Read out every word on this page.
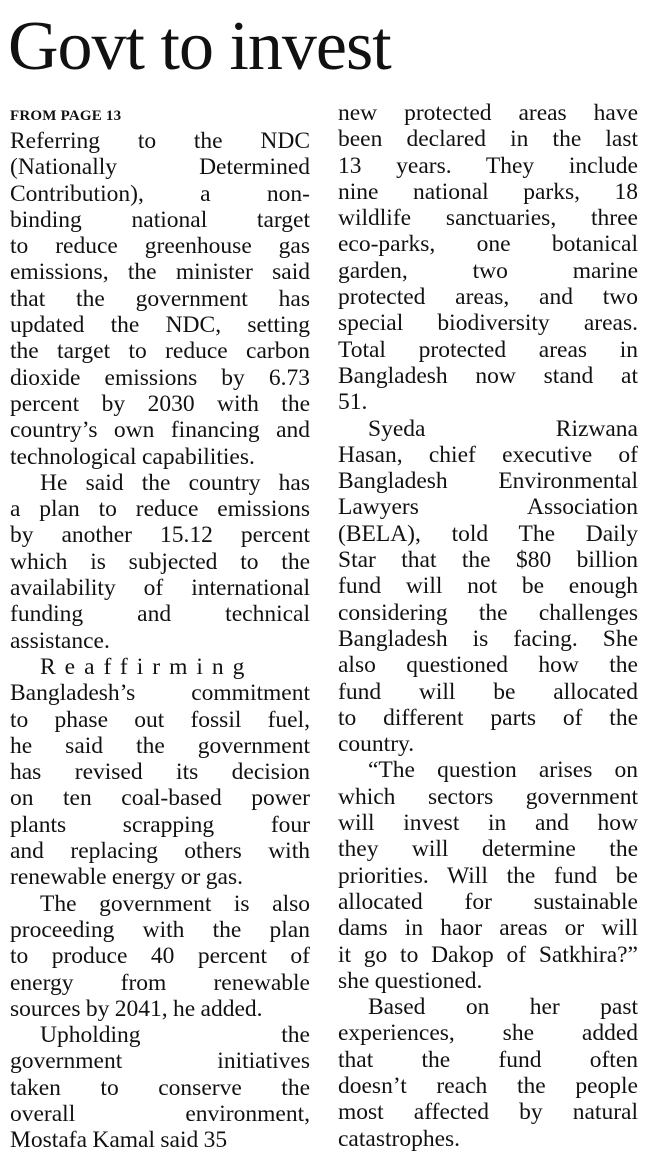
Govt to invest
FROM PAGE 13

Referring to the NDC
(Nationally Determined
Contribution), a non-
binding national target
to reduce greenhouse gas
emissions, the minister said
that the government has
updated the NDC, setting
the target to reduce carbon
dioxide emissions by 6.73
percent by 2030 with the
country’s own financing and
technological capabilities.

He said the country has
a plan to reduce emissions
by another 15.12 percent
which is subjected to the
availability of international
funding and technical
assistance.

Reaffirming
Bangladesh’s commitment
to phase out fossil fuel,
he said the government
has revised its decision
on ten coal-based power
plants scrapping four
and replacing others with
renewable energy or gas.

The government is also
proceeding with the plan
to produce 40 percent of
energy from renewable
sources by 2041, he added.

Upholding the
government initiatives
taken to conserve the
overall environment,
Mostafa Kamal said 35

new protected areas have
been declared in the last
13 years. They include
nine national parks, 18
wildlife sanctuaries, three
eco-parks, one botanical
garden, two marine
protected areas, and two
special biodiversity areas.
Total protected areas in
Bangladesh now stand at
51.

Syeda Rizwana
Hasan, chief executive of
Bangladesh Environmental
Lawyers Association
(BELA), told The Daily
Star that the $80 billion
fund will not be enough
considering the challenges
Bangladesh is facing. She
also questioned how the
fund will be allocated
to different parts of the
country.

“The question arises on
which sectors government
will invest in and how
they will determine the
priorities. Will the fund be
allocated for sustainable
dams in haor areas or will
it go to Dakop of Satkhira?”
she questioned.

Based on her past
experiences, she added
that the fund often
doesn’t reach the people
most affected by natural
catastrophes.
